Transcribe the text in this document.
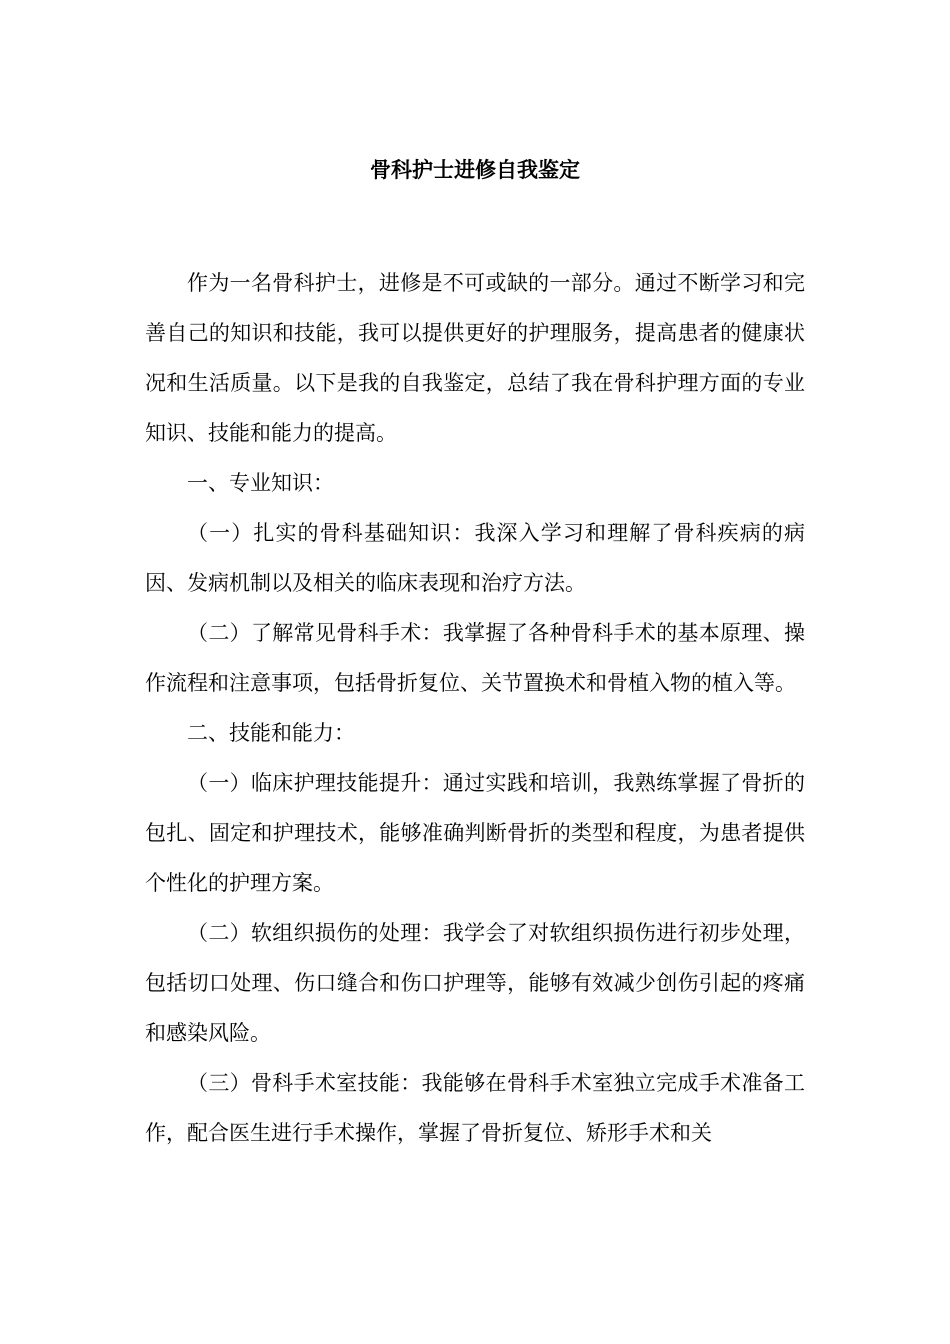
骨科护士进修自我鉴定

作为一名骨科护士，进修是不可或缺的一部分。通过不断学习和完善自己的知识和技能，我可以提供更好的护理服务，提高患者的健康状况和生活质量。以下是我的自我鉴定，总结了我在骨科护理方面的专业知识、技能和能力的提高。

一、专业知识：

（一）扎实的骨科基础知识：我深入学习和理解了骨科疾病的病因、发病机制以及相关的临床表现和治疗方法。

（二）了解常见骨科手术：我掌握了各种骨科手术的基本原理、操作流程和注意事项，包括骨折复位、关节置换术和骨植入物的植入等。

二、技能和能力：

（一）临床护理技能提升：通过实践和培训，我熟练掌握了骨折的包扎、固定和护理技术，能够准确判断骨折的类型和程度，为患者提供个性化的护理方案。

（二）软组织损伤的处理：我学会了对软组织损伤进行初步处理，包括切口处理、伤口缝合和伤口护理等，能够有效减少创伤引起的疼痛和感染风险。

（三）骨科手术室技能：我能够在骨科手术室独立完成手术准备工作，配合医生进行手术操作，掌握了骨折复位、矫形手术和关
